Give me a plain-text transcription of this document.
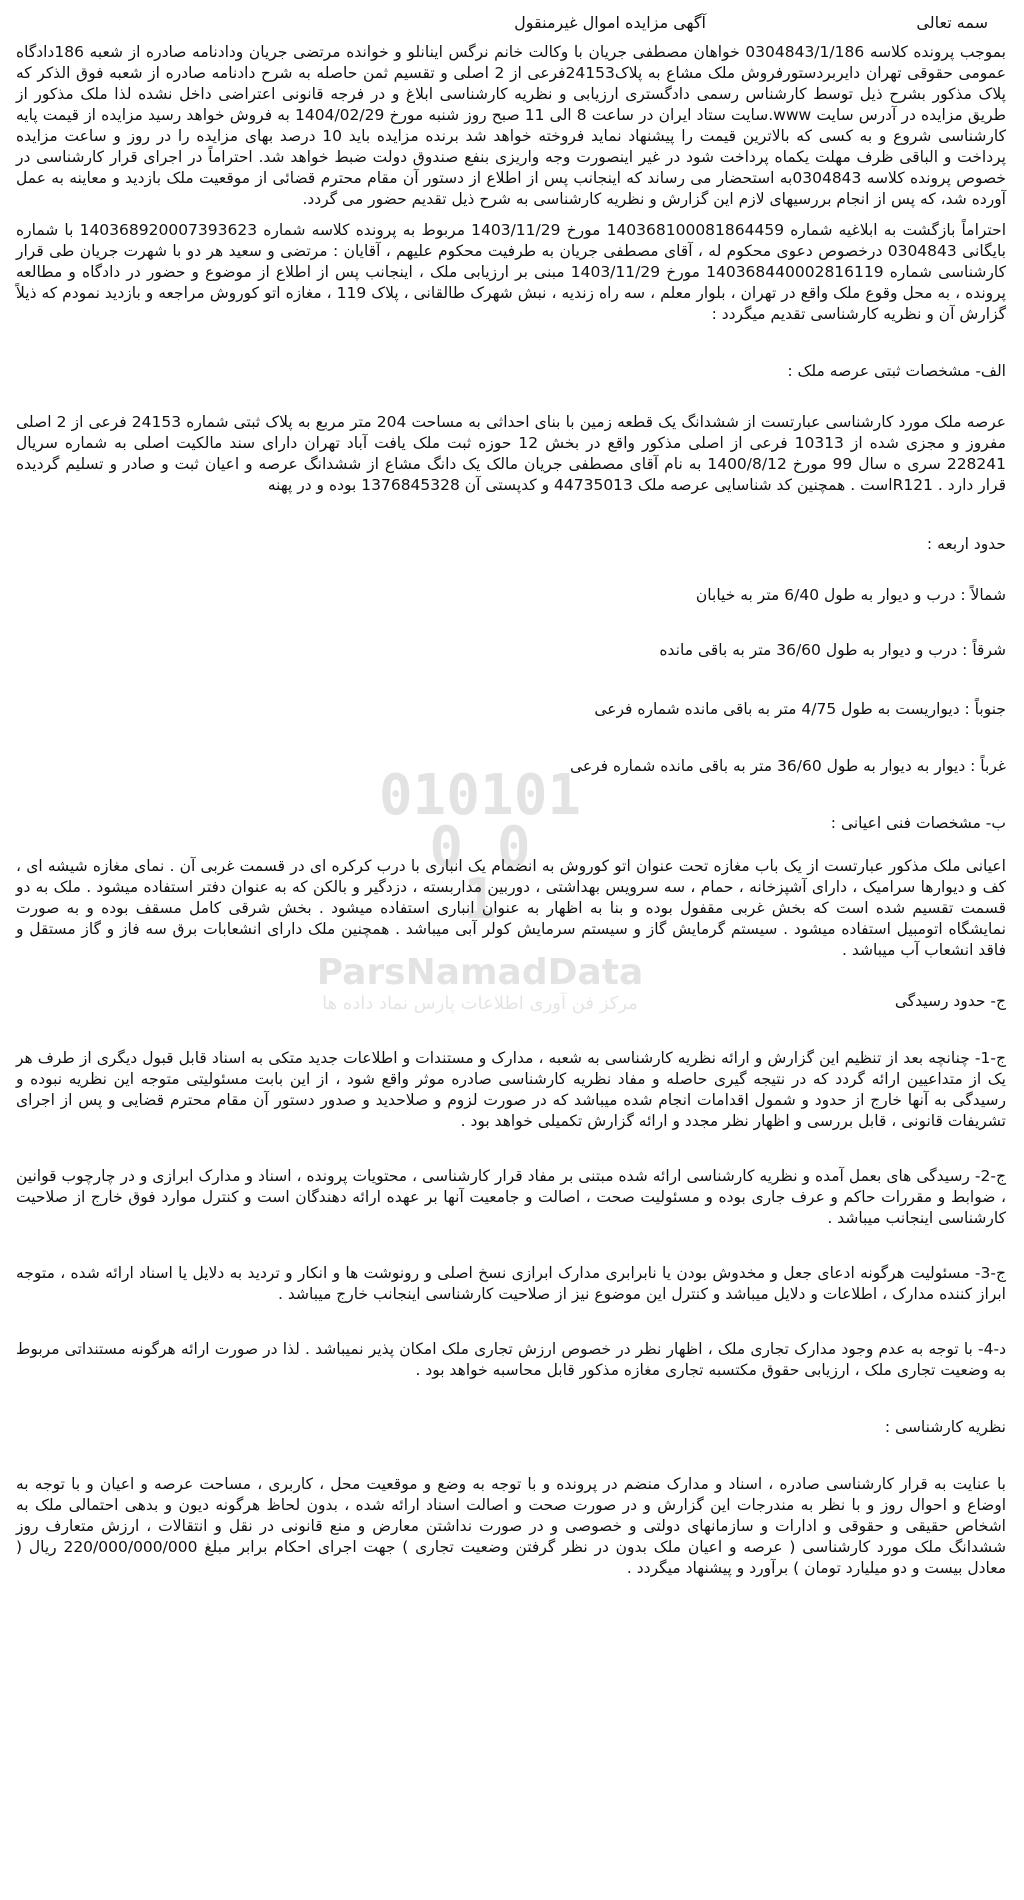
سمه تعالی
آگهی مزایده اموال غیرمنقول

بموجب پرونده کلاسه 0304843/1/186 خواهان مصطفی جریان با وکالت خانم نرگس اینانلو و خوانده مرتضی جریان ودادنامه صادره از شعبه 186دادگاه عمومی حقوقی تهران دایربردستورفروش ملک مشاع به پلاک24153فرعی از 2 اصلی و تقسیم ثمن حاصله به شرح دادنامه صادره از شعبه فوق الذکر که پلاک مذکور بشرح ذیل توسط کارشناس رسمی دادگستری ارزیابی و نظریه کارشناسی ابلاغ و در فرجه قانونی اعتراضی داخل نشده لذا ملک مذکور از طریق مزایده در آدرس سایت www.سایت ستاد ایران در ساعت 8 الی 11 صبح روز شنبه مورخ 1404/02/29 به فروش خواهد رسید مزایده از قیمت پایه کارشناسی شروع و به کسی که بالاترین قیمت را پیشنهاد نماید فروخته خواهد شد برنده مزایده باید 10 درصد بهای مزایده را در روز و ساعت مزایده پرداخت و الباقی ظرف مهلت یکماه پرداخت شود در غیر اینصورت وجه واریزی بنفع صندوق دولت ضبط خواهد شد. احتراماً در اجرای قرار کارشناسی در خصوص پرونده کلاسه 0304843به استحضار می رساند که اینجانب پس از اطلاع از دستور آن مقام محترم قضائی از موقعیت ملک بازدید و معاینه به عمل آورده شد، که پس از انجام بررسیهای لازم این گزارش و نظریه کارشناسی به شرح ذیل تقدیم حضور می گردد.

احتراماً بازگشت به ابلاغیه شماره 140368100081864459 مورخ 1403/11/29 مربوط به پرونده کلاسه شماره 140368920007393623 با شماره بایگانی 0304843 درخصوص دعوی محکوم له ، آقای مصطفی جریان به طرفیت محکوم علیهم ، آقایان : مرتضی و سعید هر دو با شهرت جریان طی قرار کارشناسی شماره 140368440002816119 مورخ 1403/11/29 مبنی بر ارزیابی ملک ، اینجانب پس از اطلاع از موضوع و حضور در دادگاه و مطالعه پرونده ، به محل وقوع ملک واقع در تهران ، بلوار معلم ، سه راه زندیه ، نبش شهرک طالقانی ، پلاک 119 ، مغازه اتو کوروش مراجعه و بازدید نمودم که ذیلاً گزارش آن و نظریه کارشناسی تقدیم میگردد :

الف- مشخصات ثبتی عرصه ملک :

عرصه ملک مورد کارشناسی عبارتست از ششدانگ یک قطعه زمین با بنای احداثی به مساحت 204 متر مربع به پلاک ثبتی شماره 24153 فرعی از 2 اصلی مفروز و مجزی شده از 10313 فرعی از اصلی مذکور واقع در بخش 12 حوزه ثبت ملک یافت آباد تهران دارای سند مالکیت اصلی به شماره سریال 228241 سری ه سال 99 مورخ 1400/8/12 به نام آقای مصطفی جریان مالک یک دانگ مشاع از ششدانگ عرصه و اعیان ثبت و صادر و تسلیم گردیده قرار دارد . R121است . همچنین کد شناسایی عرصه ملک 44735013 و کدپستی آن 1376845328 بوده و در پهنه

حدود اربعه :

شمالاً : درب و دیوار به طول 6/40 متر به خیابان

شرقاً : درب و دیوار به طول 36/60 متر به باقی مانده

جنوباً : دیواریست به طول 4/75 متر به باقی مانده شماره فرعی

غرباً : دیوار به دیوار به طول 36/60 متر به باقی مانده شماره فرعی

ب- مشخصات فنی اعیانی :

اعیانی ملک مذکور عبارتست از یک باب مغازه تحت عنوان اتو کوروش به انضمام یک انباری با درب کرکره ای در قسمت غربی آن . نمای مغازه شیشه ای ، کف و دیوارها سرامیک ، دارای آشپزخانه ، حمام ، سه سرویس بهداشتی ، دوربین مداربسته ، دزدگیر و بالکن که به عنوان دفتر استفاده میشود . ملک به دو قسمت تقسیم شده است که بخش غربی مقفول بوده و بنا به اظهار به عنوان انباری استفاده میشود . بخش شرقی کامل مسقف بوده و به صورت نمایشگاه اتومبیل استفاده میشود . سیستم گرمایش گاز و سیستم سرمایش کولر آبی میباشد . همچنین ملک دارای انشعابات برق سه فاز و گاز مستقل و فاقد انشعاب آب میباشد .

ج- حدود رسیدگی

ج-1- چنانچه بعد از تنظیم این گزارش و ارائه نظریه کارشناسی به شعبه ، مدارک و مستندات و اطلاعات جدید متکی به اسناد قابل قبول دیگری از طرف هر یک از متداعیین ارائه گردد که در نتیجه گیری حاصله و مفاد نظریه کارشناسی صادره موثر واقع شود ، از این بابت مسئولیتی متوجه این نظریه نبوده و رسیدگی به آنها خارج از حدود و شمول اقدامات انجام شده میباشد که در صورت لزوم و صلاحدید و صدور دستور آن مقام محترم قضایی و پس از اجرای تشریفات قانونی ، قابل بررسی و اظهار نظر مجدد و ارائه گزارش تکمیلی خواهد بود .

ج-2- رسیدگی های بعمل آمده و نظریه کارشناسی ارائه شده مبتنی بر مفاد قرار کارشناسی ، محتویات پرونده ، اسناد و مدارک ابرازی و در چارچوب قوانین ، ضوابط و مقررات حاکم و عرف جاری بوده و مسئولیت صحت ، اصالت و جامعیت آنها بر عهده ارائه دهندگان است و کنترل موارد فوق خارج از صلاحیت کارشناسی اینجانب میباشد .

ج-3- مسئولیت هرگونه ادعای جعل و مخدوش بودن یا نابرابری مدارک ابرازی نسخ اصلی و رونوشت ها و انکار و تردید به دلایل یا اسناد ارائه شده ، متوجه ابراز کننده مدارک ، اطلاعات و دلایل میباشد و کنترل این موضوع نیز از صلاحیت کارشناسی اینجانب خارج میباشد .

د-4- با توجه به عدم وجود مدارک تجاری ملک ، اظهار نظر در خصوص ارزش تجاری ملک امکان پذیر نمیباشد . لذا در صورت ارائه هرگونه مستنداتی مربوط به وضعیت تجاری ملک ، ارزیابی حقوق مکتسبه تجاری مغازه مذکور قابل محاسبه خواهد بود .

نظریه کارشناسی :

با عنایت به قرار کارشناسی صادره ، اسناد و مدارک منضم در پرونده و با توجه به وضع و موقعیت محل ، کاربری ، مساحت عرصه و اعیان و با توجه به اوضاع و احوال روز و با نظر به مندرجات این گزارش و در صورت صحت و اصالت اسناد ارائه شده ، بدون لحاظ هرگونه دیون و بدهی احتمالی ملک به اشخاص حقیقی و حقوقی و ادارات و سازمانهای دولتی و خصوصی و در صورت نداشتن معارض و منع قانونی در نقل و انتقالات ، ارزش متعارف روز ششدانگ ملک مورد کارشناسی ( عرصه و اعیان ملک بدون در نظر گرفتن وضعیت تجاری ) جهت اجرای احکام برابر مبلغ 220/000/000/000 ریال ( معادل بیست و دو میلیارد تومان ) برآورد و پیشنهاد میگردد .

010101
0 0
1
ParsNamadData
مرکز فن آوری اطلاعات پارس نماد داده ها
